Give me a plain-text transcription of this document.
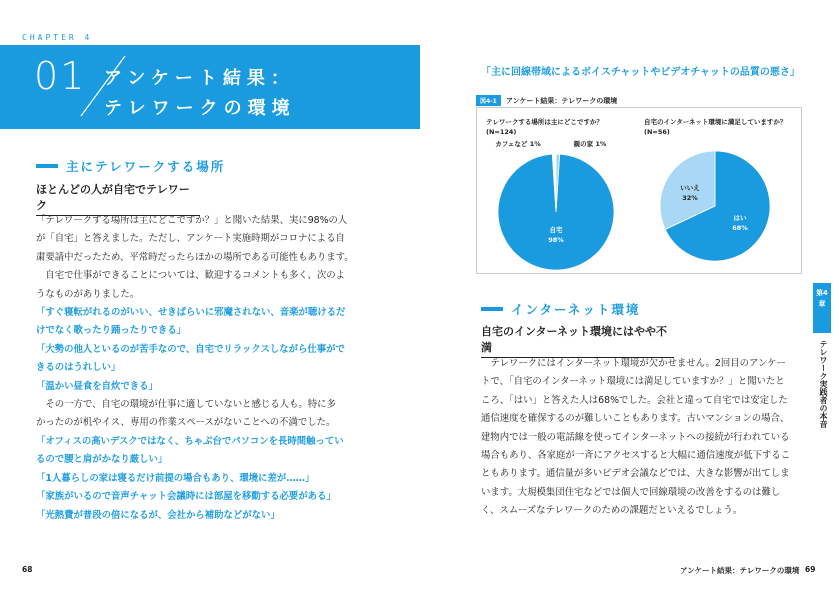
CHAPTER 4
01 アンケート結果：
テレワークの環境
主にテレワークする場所
ほとんどの人が自宅でテレワーク
「テレワークする場所は主にどこですか？」と聞いた結果、実に98%の人
が「自宅」と答えました。ただし、アンケート実施時期がコロナによる自
粛要請中だったため、平常時だったらほかの場所である可能性もあります。
　自宅で仕事ができることについては、歓迎するコメントも多く、次のよ
うなものがありました。
「すぐ寝転がれるのがいい、せきばらいに邪魔されない、音楽が聴けるだ
けでなく歌ったり踊ったりできる」
「大勢の他人といるのが苦手なので、自宅でリラックスしながら仕事がで
きるのはうれしい」
「温かい昼食を自炊できる」
　その一方で、自宅の環境が仕事に適していないと感じる人も。特に多
かったのが机やイス、専用の作業スペースがないことへの不満でした。
「オフィスの高いデスクではなく、ちゃぶ台でパソコンを長時間触ってい
るので腰と肩がかなり厳しい」
「1人暮らしの家は寝るだけ前提の場合もあり、環境に差が……」
「家族がいるので音声チャット会議時には部屋を移動する必要がある」
「光熱費が普段の倍になるが、会社から補助などがない」
68
「主に回線帯域によるボイスチャットやビデオチャットの品質の悪さ」
図4-1 アンケート結果：テレワークの環境
テレワークする場所は主にどこですか？
(N=124)
自宅のインターネット環境に満足していますか？
(N=56)
自宅
98%
カフェなど 1%	親の家 1%
はい
68%
いいえ
32%
インターネット環境
自宅のインターネット環境にはやや不満
　テレワークにはインターネット環境が欠かせません。2回目のアンケー
トで、「自宅のインターネット環境には満足していますか？」と聞いたと
ころ、「はい」と答えた人は68%でした。会社と違って自宅では安定した
通信速度を確保するのが難しいこともあります。古いマンションの場合、
建物内では一般の電話線を使ってインターネットへの接続が行われている
場合もあり、各家庭が一斉にアクセスすると大幅に通信速度が低下するこ
ともあります。通信量が多いビデオ会議などでは、大きな影響が出てしま
います。大規模集団住宅などでは個人で回線環境の改善をするのは難し
く、スムーズなテレワークのための課題だといえるでしょう。
アンケート結果：テレワークの環境 69
第4章
テレワーク実践者の本音
